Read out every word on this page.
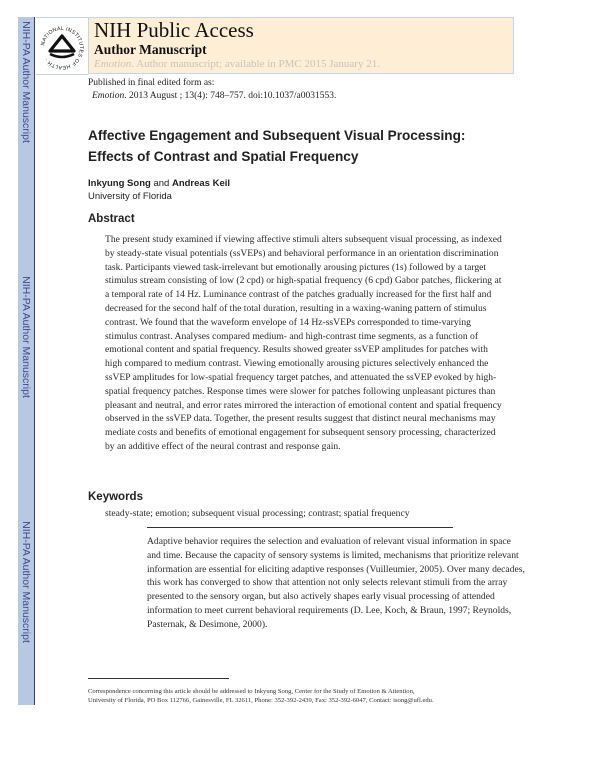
NIH-PA Author Manuscript
NIH-PA Author Manuscript
NIH-PA Author Manuscript
NATIONAL INSTITUTES OF HEALTH ·
NIH Public Access
Author Manuscript
Emotion. Author manuscript; available in PMC 2015 January 21.
Published in final edited form as:
Emotion. 2013 August ; 13(4): 748–757. doi:10.1037/a0031553.
Affective Engagement and Subsequent Visual Processing:
Effects of Contrast and Spatial Frequency
Inkyung Song and Andreas Keil
University of Florida
Abstract
The present study examined if viewing affective stimuli alters subsequent visual processing, as indexed by steady-state visual potentials (ssVEPs) and behavioral performance in an orientation discrimination task. Participants viewed task-irrelevant but emotionally arousing pictures (1s) followed by a target stimulus stream consisting of low (2 cpd) or high-spatial frequency (6 cpd) Gabor patches, flickering at a temporal rate of 14 Hz. Luminance contrast of the patches gradually increased for the first half and decreased for the second half of the total duration, resulting in a waxing-waning pattern of stimulus contrast. We found that the waveform envelope of 14 Hz-ssVEPs corresponded to time-varying stimulus contrast. Analyses compared medium- and high-contrast time segments, as a function of emotional content and spatial frequency. Results showed greater ssVEP amplitudes for patches with high compared to medium contrast. Viewing emotionally arousing pictures selectively enhanced the ssVEP amplitudes for low-spatial frequency target patches, and attenuated the ssVEP evoked by high-spatial frequency patches. Response times were slower for patches following unpleasant pictures than pleasant and neutral, and error rates mirrored the interaction of emotional content and spatial frequency observed in the ssVEP data. Together, the present results suggest that distinct neural mechanisms may mediate costs and benefits of emotional engagement for subsequent sensory processing, characterized by an additive effect of the neural contrast and response gain.
Keywords
steady-state; emotion; subsequent visual processing; contrast; spatial frequency
Adaptive behavior requires the selection and evaluation of relevant visual information in space and time. Because the capacity of sensory systems is limited, mechanisms that prioritize relevant information are essential for eliciting adaptive responses (Vuilleumier, 2005). Over many decades, this work has converged to show that attention not only selects relevant stimuli from the array presented to the sensory organ, but also actively shapes early visual processing of attended information to meet current behavioral requirements (D. Lee, Koch, & Braun, 1997; Reynolds, Pasternak, & Desimone, 2000).
Correspondence concerning this article should be addressed to Inkyung Song, Center for the Study of Emotion & Attention,
University of Florida, PO Box 112766, Gainesville, FL 32611, Phone: 352-392-2439, Fax: 352-392-6047, Contact: isong@ufl.edu.
